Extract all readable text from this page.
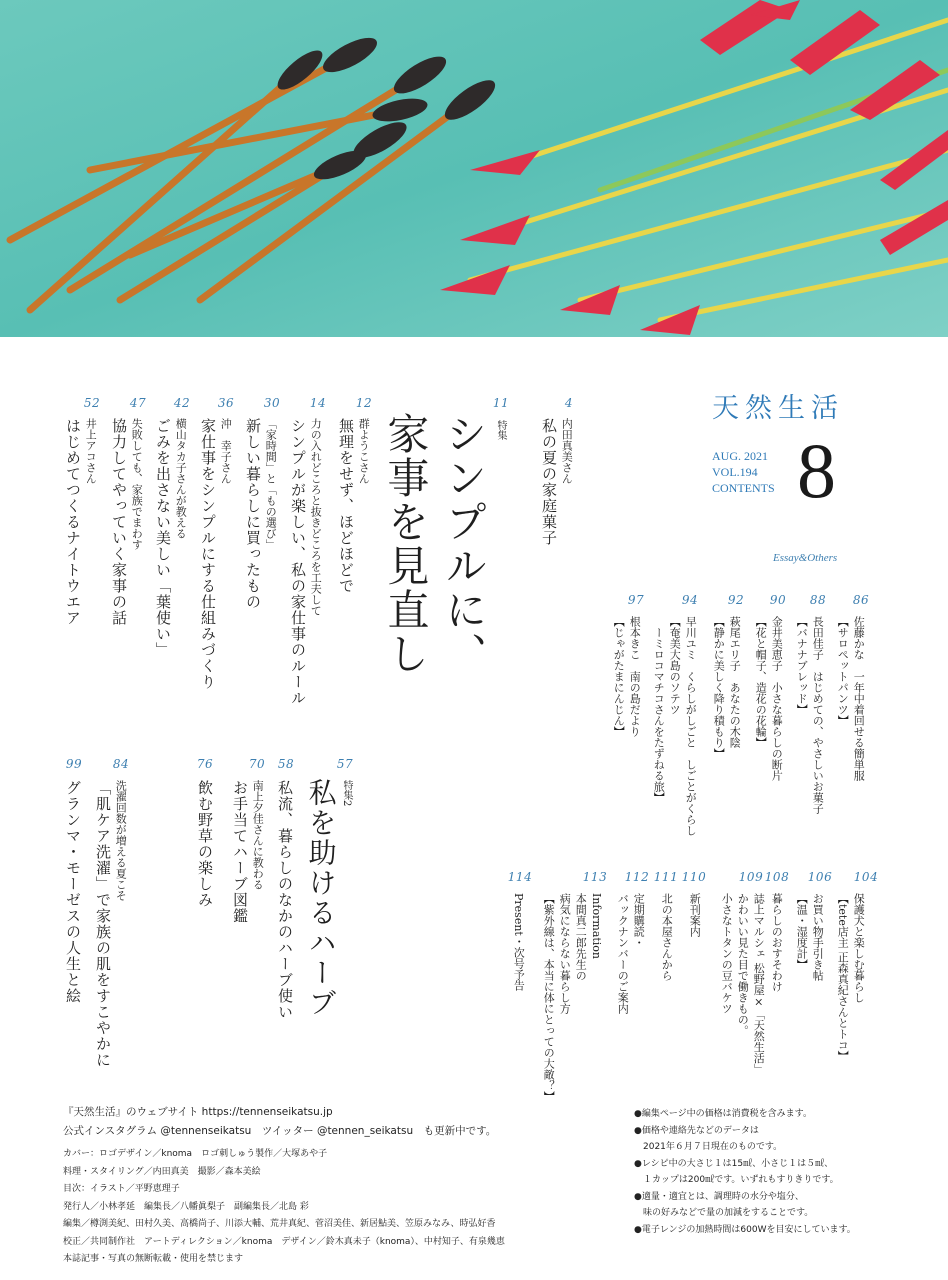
天然生活
AUG. 2021
VOL.194
CONTENTS 8
Essay&Others
4
内田真美さん
私の夏の家庭菓子
11
特集
シンプルに、
家事を見直し
12
群ようこさん
無理をせず、ほどほどで
14
力の入れどころと抜きどころを工夫して
シンプルが楽しい、私の家仕事のルール
30
「家時間」と「もの選び」
新しい暮らしに買ったもの
36
沖　幸子さん
家仕事をシンプルにする仕組みづくり
42
横山タカ子さんが教える
ごみを出さない美しい「葉使い」
47
失敗しても、家族でまわす
協力してやっていく家事の話
52
井上アコさん
はじめてつくるナイトウエア
57
特集2
私を助けるハーブ
58
私流、暮らしのなかのハーブ使い
70
南上夕佳さんに教わる
お手当てハーブ図鑑
76
飲む野草の楽しみ
84
洗濯回数が増える夏こそ
「肌ケア洗濯」で家族の肌をすこやかに
99
グランマ・モーゼスの人生と絵
86
佐藤かな　一年中着回せる簡単服
【サロペットパンツ】
88
長田佳子　はじめての、やさしいお菓子
【バナナブレッド】
90
金井美恵子　小さな暮らしの断片
【花と帽子、造花の花輪】
92
萩尾エリ子　あなたの木陰
【静かに美しく降り積もり】
94
早川ユミ　くらしがしごと　しごとがくらし
【奄美大島のソテツ
　ーミロコマチコさんをたずねる旅】
97
根本きこ　南の島だより
【じゃがたまにんじん】
104
保護犬と楽しむ暮らし
【tete店主 正森真紀さんとトコ】
106
お買い物手引き帖
【温・湿度計】
108
暮らしのおすそわけ
109
誌上マルシェ 松野屋×「天然生活」
かわいい見た目で働きもの。
小さなトタンの豆バケツ
110
新刊案内
111
北の本屋さんから
112
定期購読・
バックナンバーのご案内
113
Information
本間真二郎先生の
病気にならない暮らし方
【紫外線は、本当に体にとっての大敵？】
114
Present・次号予告
『天然生活』のウェブサイト https://tennenseikatsu.jp
公式インスタグラム @tennenseikatsu　ツイッター @tennen_seikatsu　も更新中です。
カバー：ロゴデザイン／knoma　ロゴ刺しゅう製作／大塚あや子
料理・スタイリング／内田真美　撮影／森本美絵
目次：イラスト／平野恵理子
発行人／小林孝延　編集長／八幡眞梨子　副編集長／北島 彩
編集／樽渕美紀、田村久美、高橋尚子、川添大輔、荒井真紀、菅沼美佳、新居鮎美、笠原みなみ、時弘好香
校正／共同制作社　アートディレクション／knoma　デザイン／鈴木真未子（knoma）、中村知子、有泉幾恵
本誌記事・写真の無断転載・使用を禁じます
●編集ページ中の価格は消費税を含みます。
●価格や連絡先などのデータは
　2021年６月７日現在のものです。
●レシピ中の大さじ１は15㎖、小さじ１は５㎖、
　１カップは200㎖です。いずれもすりきりです。
●適量・適宜とは、調理時の水分や塩分、
　味の好みなどで量の加減をすることです。
●電子レンジの加熱時間は600Wを目安にしています。
